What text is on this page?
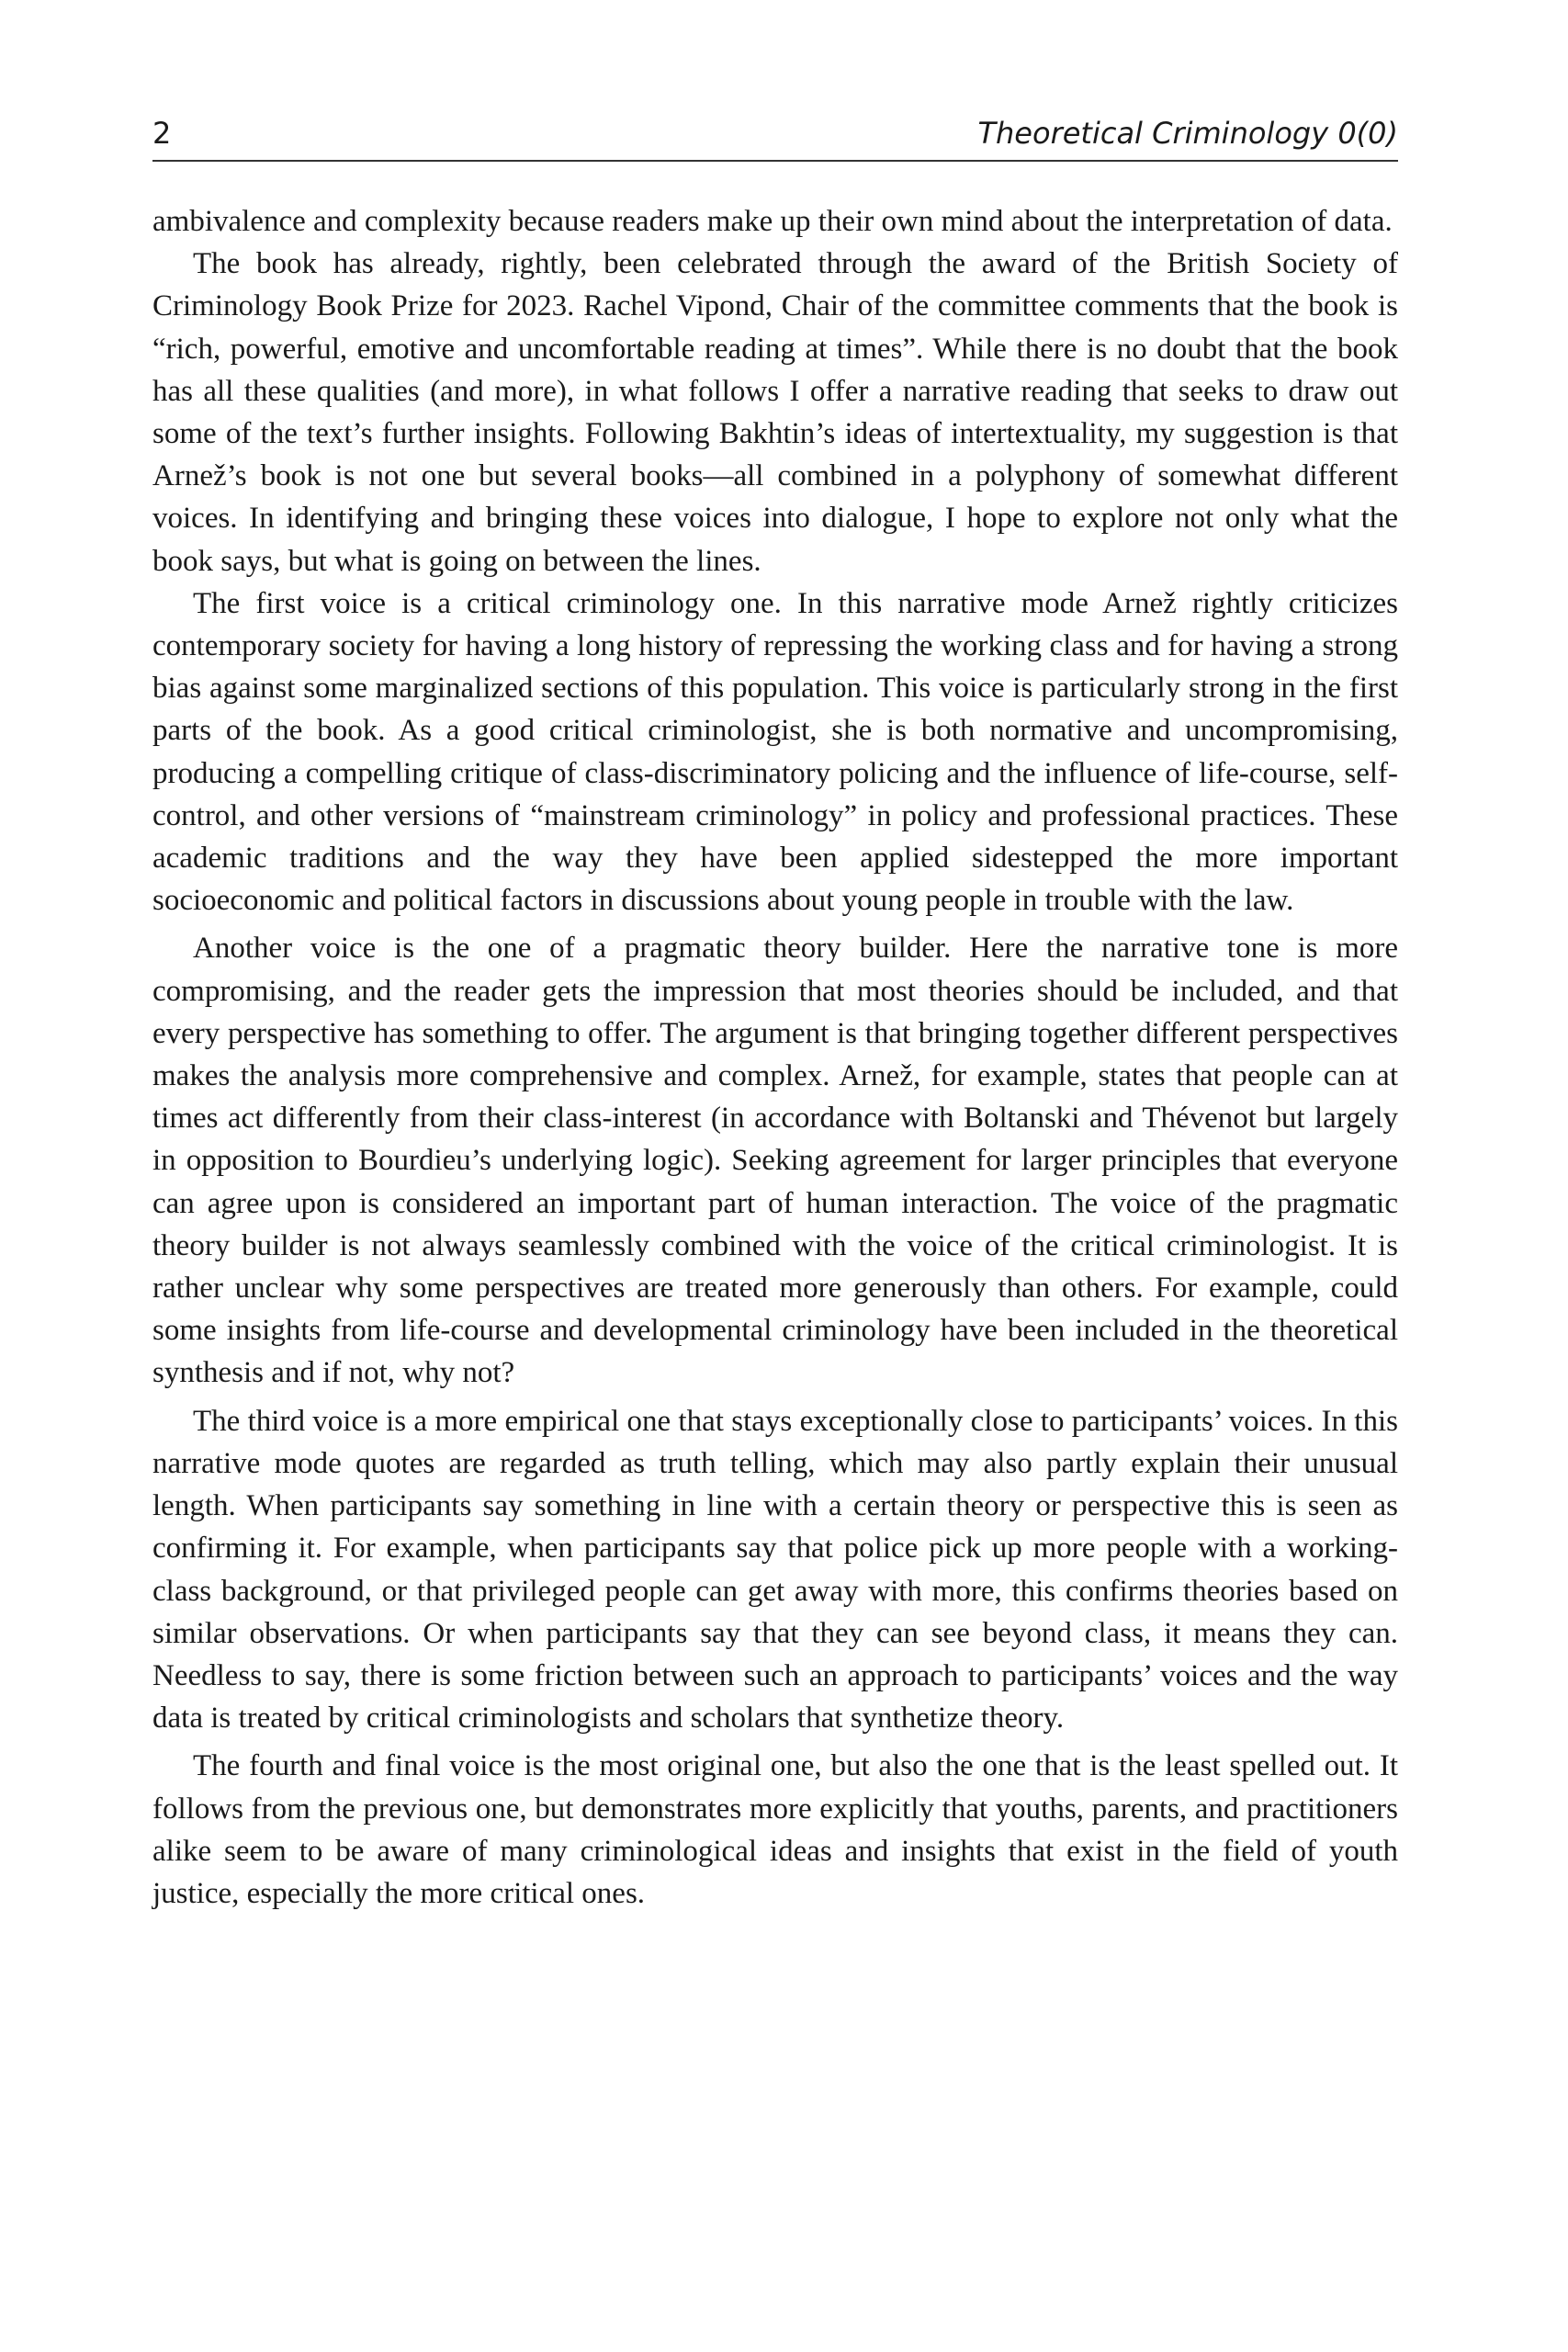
2	Theoretical Criminology 0(0)

ambivalence and complexity because readers make up their own mind about the interpretation of data.

The book has already, rightly, been celebrated through the award of the British Society of Criminology Book Prize for 2023. Rachel Vipond, Chair of the committee comments that the book is “rich, powerful, emotive and uncomfortable reading at times”. While there is no doubt that the book has all these qualities (and more), in what follows I offer a narrative reading that seeks to draw out some of the text’s further insights. Following Bakhtin’s ideas of intertextuality, my suggestion is that Arnež’s book is not one but several books—all combined in a polyphony of somewhat different voices. In identifying and bringing these voices into dialogue, I hope to explore not only what the book says, but what is going on between the lines.

The first voice is a critical criminology one. In this narrative mode Arnež rightly criticizes contemporary society for having a long history of repressing the working class and for having a strong bias against some marginalized sections of this population. This voice is particularly strong in the first parts of the book. As a good critical criminologist, she is both normative and uncompromising, producing a compelling critique of class-discriminatory policing and the influence of life-course, self-control, and other versions of “mainstream criminology” in policy and professional practices. These academic traditions and the way they have been applied sidestepped the more important socioeconomic and political factors in discussions about young people in trouble with the law.

Another voice is the one of a pragmatic theory builder. Here the narrative tone is more compromising, and the reader gets the impression that most theories should be included, and that every perspective has something to offer. The argument is that bringing together different perspectives makes the analysis more comprehensive and complex. Arnež, for example, states that people can at times act differently from their class-interest (in accordance with Boltanski and Thévenot but largely in opposition to Bourdieu’s underlying logic). Seeking agreement for larger principles that everyone can agree upon is considered an important part of human interaction. The voice of the pragmatic theory builder is not always seamlessly combined with the voice of the critical criminologist. It is rather unclear why some perspectives are treated more generously than others. For example, could some insights from life-course and developmental criminology have been included in the theoretical synthesis and if not, why not?

The third voice is a more empirical one that stays exceptionally close to participants’ voices. In this narrative mode quotes are regarded as truth telling, which may also partly explain their unusual length. When participants say something in line with a certain theory or perspective this is seen as confirming it. For example, when participants say that police pick up more people with a working-class background, or that privileged people can get away with more, this confirms theories based on similar observations. Or when participants say that they can see beyond class, it means they can. Needless to say, there is some friction between such an approach to participants’ voices and the way data is treated by critical criminologists and scholars that synthetize theory.

The fourth and final voice is the most original one, but also the one that is the least spelled out. It follows from the previous one, but demonstrates more explicitly that youths, parents, and practitioners alike seem to be aware of many criminological ideas and insights that exist in the field of youth justice, especially the more critical ones.
